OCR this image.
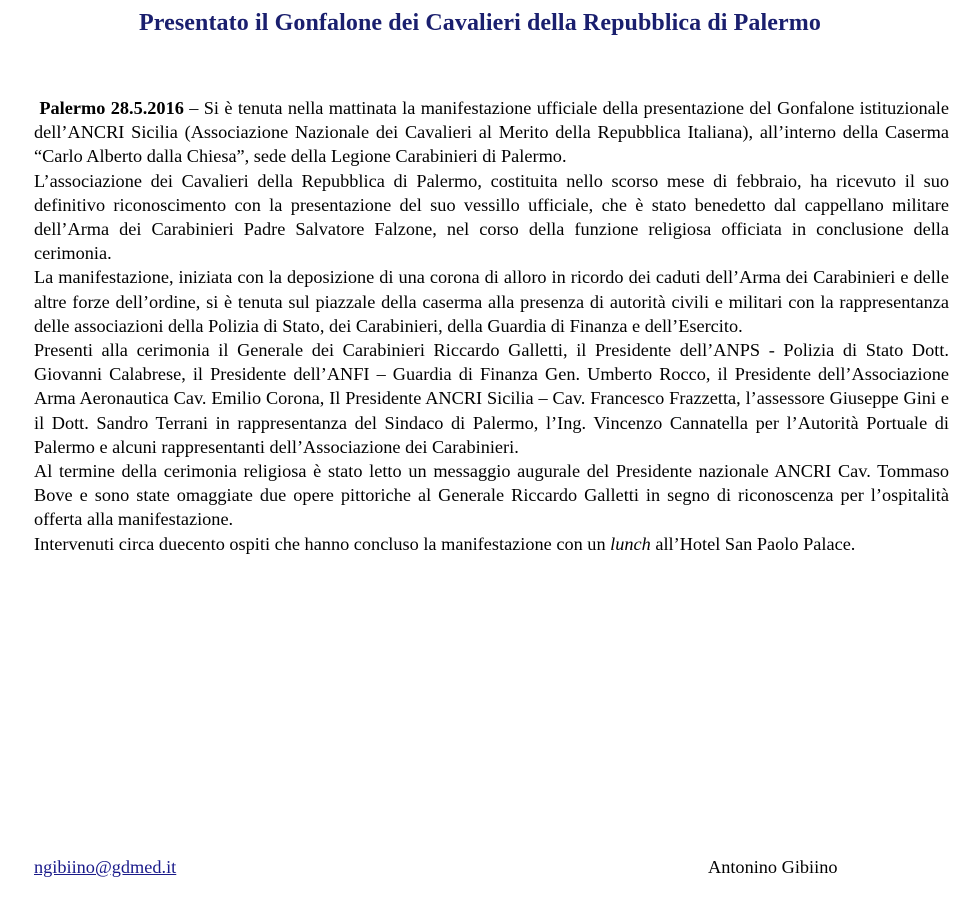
Presentato il Gonfalone dei Cavalieri della Repubblica di Palermo

Palermo 28.5.2016 – Si è tenuta nella mattinata la manifestazione ufficiale della presentazione del Gonfalone istituzionale dell’ANCRI Sicilia (Associazione Nazionale dei Cavalieri al Merito della Repubblica Italiana), all’interno della Caserma “Carlo Alberto dalla Chiesa”, sede della Legione Carabinieri di Palermo.

L’associazione dei Cavalieri della Repubblica di Palermo, costituita nello scorso mese di febbraio, ha ricevuto il suo definitivo riconoscimento con la presentazione del suo vessillo ufficiale, che è stato benedetto dal cappellano militare dell’Arma dei Carabinieri Padre Salvatore Falzone, nel corso della funzione religiosa officiata in conclusione della cerimonia.

La manifestazione, iniziata con la deposizione di una corona di alloro in ricordo dei caduti dell’Arma dei Carabinieri e delle altre forze dell’ordine, si è tenuta sul piazzale della caserma alla presenza di autorità civili e militari con la rappresentanza delle associazioni della Polizia di Stato, dei Carabinieri, della Guardia di Finanza e dell’Esercito.

Presenti alla cerimonia il Generale dei Carabinieri Riccardo Galletti, il Presidente dell’ANPS - Polizia di Stato Dott. Giovanni Calabrese, il Presidente dell’ANFI – Guardia di Finanza Gen. Umberto Rocco, il Presidente dell’Associazione Arma Aeronautica Cav. Emilio Corona, Il Presidente ANCRI Sicilia – Cav. Francesco Frazzetta, l’assessore Giuseppe Gini e il Dott. Sandro Terrani in rappresentanza del Sindaco di Palermo, l’Ing. Vincenzo Cannatella per l’Autorità Portuale di Palermo e alcuni rappresentanti dell’Associazione dei Carabinieri.

Al termine della cerimonia religiosa è stato letto un messaggio augurale del Presidente nazionale ANCRI Cav. Tommaso Bove e sono state omaggiate due opere pittoriche al Generale Riccardo Galletti in segno di riconoscenza per l’ospitalità offerta alla manifestazione.

Intervenuti circa duecento ospiti che hanno concluso la manifestazione con un lunch all’Hotel San Paolo Palace.

ngibiino@gdmed.it	Antonino Gibiino
